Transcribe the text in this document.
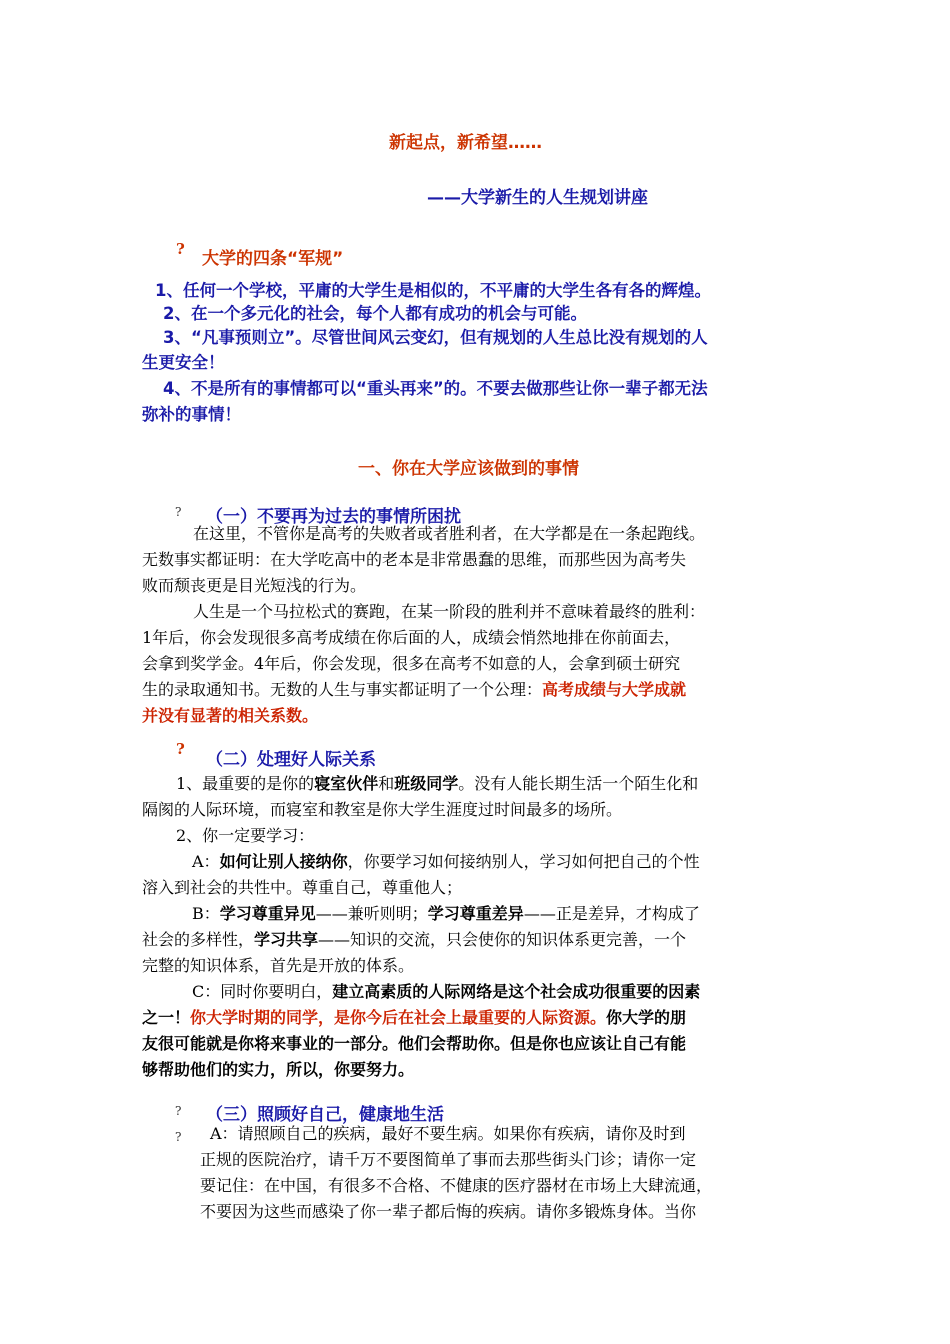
新起点，新希望……
——大学新生的人生规划讲座
? 大学的四条“军规”
1、任何一个学校，平庸的大学生是相似的，不平庸的大学生各有各的辉煌。
2、在一个多元化的社会，每个人都有成功的机会与可能。
3、“凡事预则立”。尽管世间风云变幻，但有规划的人生总比没有规划的人
生更安全！
4、不是所有的事情都可以“重头再来”的。不要去做那些让你一辈子都无法
弥补的事情！
一、你在大学应该做到的事情
? （一）不要再为过去的事情所困扰
在这里，不管你是高考的失败者或者胜利者，在大学都是在一条起跑线。
无数事实都证明：在大学吃高中的老本是非常愚蠢的思维，而那些因为高考失
败而颓丧更是目光短浅的行为。
人生是一个马拉松式的赛跑，在某一阶段的胜利并不意味着最终的胜利：
1年后，你会发现很多高考成绩在你后面的人，成绩会悄然地排在你前面去，
会拿到奖学金。4年后，你会发现，很多在高考不如意的人，会拿到硕士研究
生的录取通知书。无数的人生与事实都证明了一个公理：高考成绩与大学成就
并没有显著的相关系数。
?
（二）处理好人际关系
1、最重要的是你的寝室伙伴和班级同学。没有人能长期生活一个陌生化和
隔阂的人际环境，而寝室和教室是你大学生涯度过时间最多的场所。
2、你一定要学习：
A：如何让别人接纳你，你要学习如何接纳别人，学习如何把自己的个性
溶入到社会的共性中。尊重自己，尊重他人；
B：学习尊重异见——兼听则明；学习尊重差异——正是差异，才构成了
社会的多样性，学习共享——知识的交流，只会使你的知识体系更完善，一个
完整的知识体系，首先是开放的体系。
C：同时你要明白，建立高素质的人际网络是这个社会成功很重要的因素
之一！你大学时期的同学，是你今后在社会上最重要的人际资源。你大学的朋
友很可能就是你将来事业的一部分。他们会帮助你。但是你也应该让自己有能
够帮助他们的实力，所以，你要努力。
? （三）照顾好自己，健康地生活
? A：请照顾自己的疾病，最好不要生病。如果你有疾病，请你及时到
正规的医院治疗，请千万不要图简单了事而去那些街头门诊；请你一定
要记住：在中国，有很多不合格、不健康的医疗器材在市场上大肆流通，
不要因为这些而感染了你一辈子都后悔的疾病。请你多锻炼身体。当你
